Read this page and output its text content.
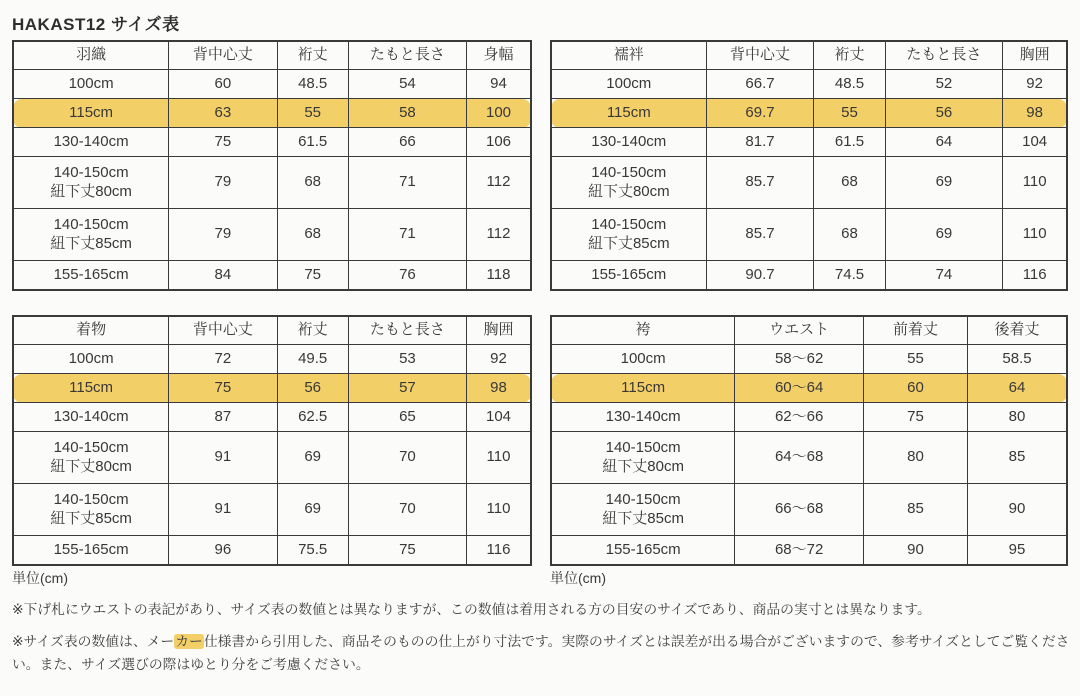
HAKAST12 サイズ表
羽織	背中心丈	裄丈	たもと長さ	身幅
100cm	60	48.5	54	94
115cm	63	55	58	100
130-140cm	75	61.5	66	106

140-150cm
紐下丈80cm	79	68	71	112

140-150cm
紐下丈85cm	79	68	71	112
155-165cm	84	75	76	118
襦袢	背中心丈	裄丈	たもと長さ	胸囲
100cm	66.7	48.5	52	92
115cm	69.7	55	56	98
130-140cm	81.7	61.5	64	104

140-150cm
紐下丈80cm	85.7	68	69	110

140-150cm
紐下丈85cm	85.7	68	69	110
155-165cm	90.7	74.5	74	116
着物	背中心丈	裄丈	たもと長さ	胸囲
100cm	72	49.5	53	92
115cm	75	56	57	98
130-140cm	87	62.5	65	104

140-150cm
紐下丈80cm	91	69	70	110

140-150cm
紐下丈85cm	91	69	70	110
155-165cm	96	75.5	75	116
袴	ウエスト	前着丈	後着丈
100cm	58～62	55	58.5
115cm	60～64	60	64
130-140cm	62～66	75	80

140-150cm
紐下丈80cm	64～68	80	85

140-150cm
紐下丈85cm	66～68	85	90
155-165cm	68～72	90	95
単位(cm)	単位(cm)

※下げ札にウエストの表記があり、サイズ表の数値とは異なりますが、この数値は着用される方の目安のサイズであり、商品の実寸とは異なります。

※サイズ表の数値は、メーカー仕様書から引用した、商品そのものの仕上がり寸法です。実際のサイズとは誤差が出る場合がございますので、参考サイズとしてご覧ください。また、サイズ選びの際はゆとり分をご考慮ください。
